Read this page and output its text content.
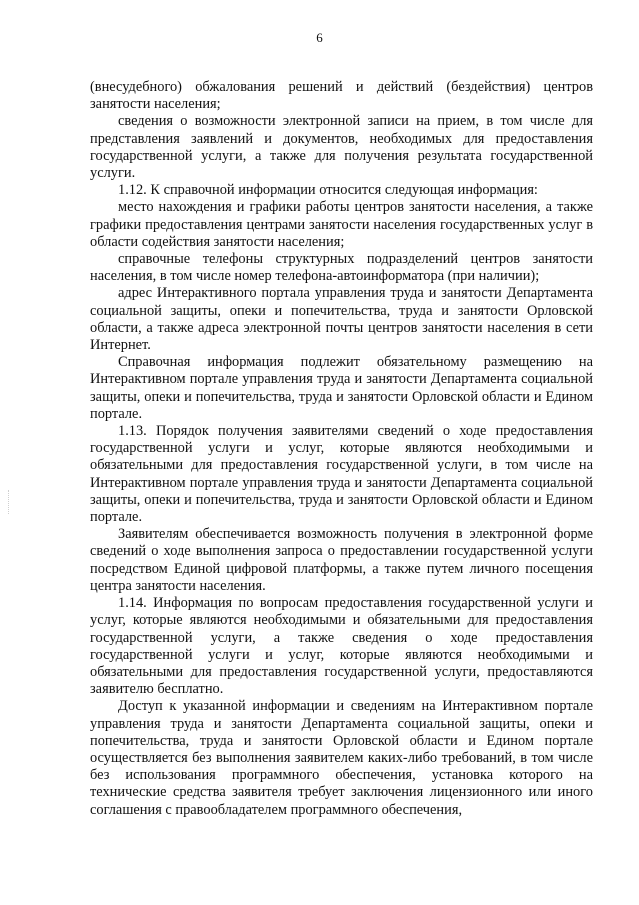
6

(внесудебного) обжалования решений и действий (бездействия) центров занятости населения;

сведения о возможности электронной записи на прием, в том числе для представления заявлений и документов, необходимых для предоставления государственной услуги, а также для получения результата государственной услуги.

1.12. К справочной информации относится следующая информация:

место нахождения и графики работы центров занятости населения, а также графики предоставления центрами занятости населения государственных услуг в области содействия занятости населения;

справочные телефоны структурных подразделений центров занятости населения, в том числе номер телефона-автоинформатора (при наличии);

адрес Интерактивного портала управления труда и занятости Департамента социальной защиты, опеки и попечительства, труда и занятости Орловской области, а также адреса электронной почты центров занятости населения в сети Интернет.

Справочная информация подлежит обязательному размещению на Интерактивном портале управления труда и занятости Департамента социальной защиты, опеки и попечительства, труда и занятости Орловской области и Едином портале.

1.13. Порядок получения заявителями сведений о ходе предоставления государственной услуги и услуг, которые являются необходимыми и обязательными для предоставления государственной услуги, в том числе на Интерактивном портале управления труда и занятости Департамента социальной защиты, опеки и попечительства, труда и занятости Орловской области и Едином портале.

Заявителям обеспечивается возможность получения в электронной форме сведений о ходе выполнения запроса о предоставлении государственной услуги посредством Единой цифровой платформы, а также путем личного посещения центра занятости населения.

1.14. Информация по вопросам предоставления государственной услуги и услуг, которые являются необходимыми и обязательными для предоставления государственной услуги, а также сведения о ходе предоставления государственной услуги и услуг, которые являются необходимыми и обязательными для предоставления государственной услуги, предоставляются заявителю бесплатно.

Доступ к указанной информации и сведениям на Интерактивном портале управления труда и занятости Департамента социальной защиты, опеки и попечительства, труда и занятости Орловской области и Едином портале осуществляется без выполнения заявителем каких-либо требований, в том числе без использования программного обеспечения, установка которого на технические средства заявителя требует заключения лицензионного или иного соглашения с правообладателем программного обеспечения,
